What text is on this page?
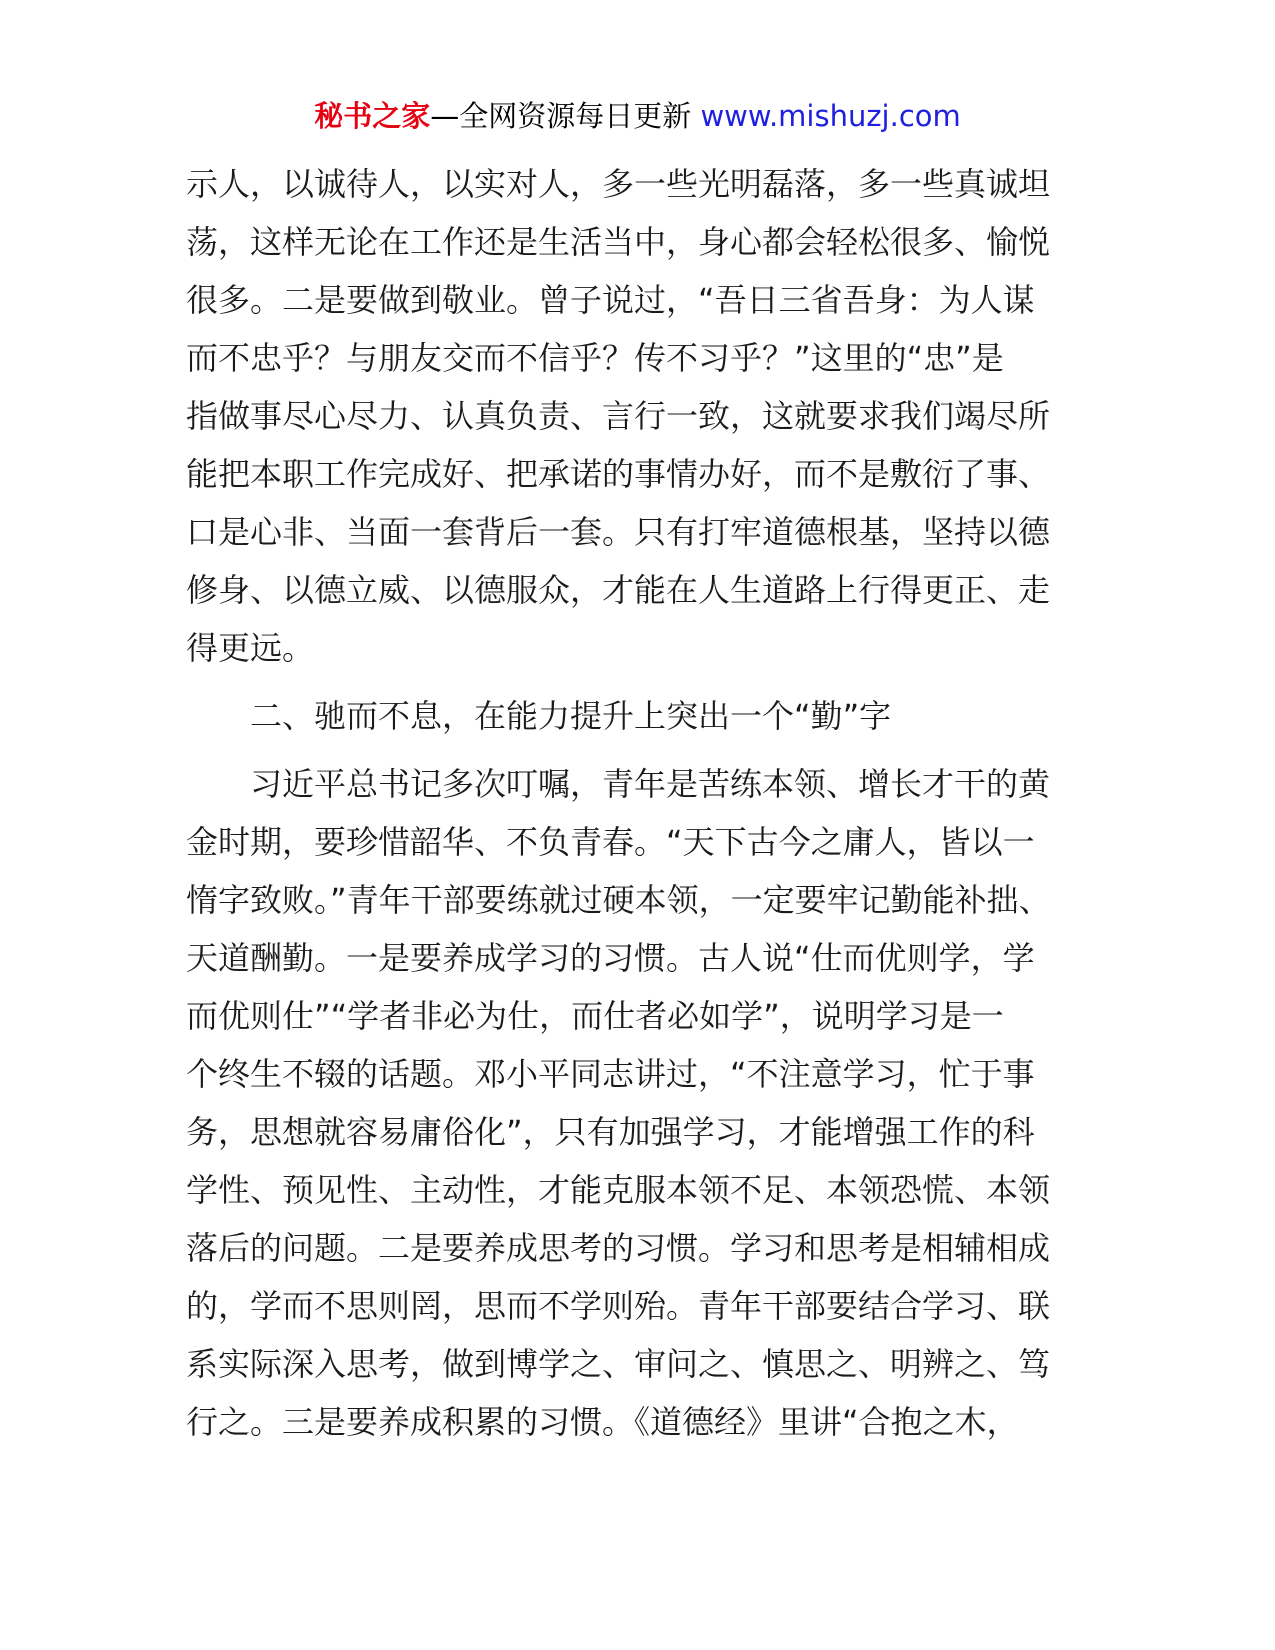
秘书之家—全网资源每日更新 www.mishuzj.com
示人，以诚待人，以实对人，多一些光明磊落，多一些真诚坦
荡，这样无论在工作还是生活当中，身心都会轻松很多、愉悦
很多。二是要做到敬业。曾子说过，“吾日三省吾身：为人谋
而不忠乎？与朋友交而不信乎？传不习乎？”这里的“忠”是
指做事尽心尽力、认真负责、言行一致，这就要求我们竭尽所
能把本职工作完成好、把承诺的事情办好，而不是敷衍了事、
口是心非、当面一套背后一套。只有打牢道德根基，坚持以德
修身、以德立威、以德服众，才能在人生道路上行得更正、走
得更远。
二、驰而不息，在能力提升上突出一个“勤”字
习近平总书记多次叮嘱，青年是苦练本领、增长才干的黄
金时期，要珍惜韶华、不负青春。“天下古今之庸人，皆以一
惰字致败。”青年干部要练就过硬本领，一定要牢记勤能补拙、
天道酬勤。一是要养成学习的习惯。古人说“仕而优则学，学
而优则仕”“学者非必为仕，而仕者必如学”，说明学习是一
个终生不辍的话题。邓小平同志讲过，“不注意学习，忙于事
务，思想就容易庸俗化”，只有加强学习，才能增强工作的科
学性、预见性、主动性，才能克服本领不足、本领恐慌、本领
落后的问题。二是要养成思考的习惯。学习和思考是相辅相成
的，学而不思则罔，思而不学则殆。青年干部要结合学习、联
系实际深入思考，做到博学之、审问之、慎思之、明辨之、笃
行之。三是要养成积累的习惯。《道德经》里讲“合抱之木，
